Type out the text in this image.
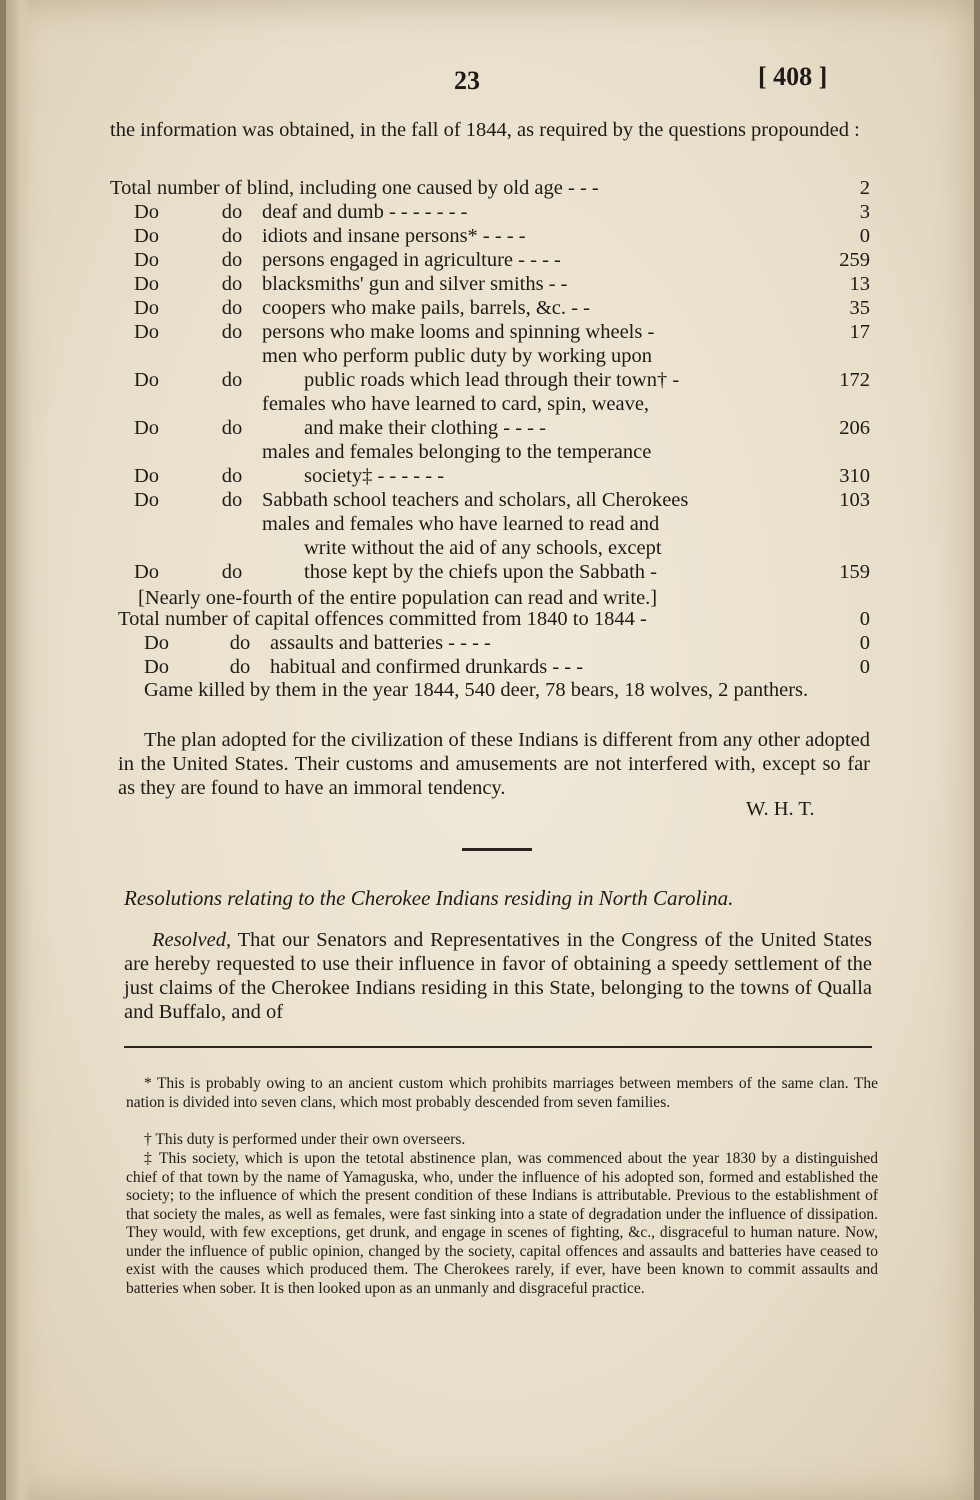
23	[ 408 ]
the information was obtained, in the fall of 1844, as required by the questions propounded :
Total number of blind, including one caused by old age - - -	2
Do	do deaf and dumb - - - - - - -	3
Do	do idiots and insane persons* - - - -	0
Do	do persons engaged in agriculture - - - -	259
Do	do blacksmiths' gun and silver smiths - -	13
Do	do coopers who make pails, barrels, &c. - -	35
Do	do persons who make looms and spinning wheels -	17
Do	do
men who perform public duty by working upon
public roads which lead through their town† -	172
Do	do
females who have learned to card, spin, weave,
and make their clothing - - - -	206
Do	do
males and females belonging to the temperance
society‡ - - - - - -	310
Do	do Sabbath school teachers and scholars, all Cherokees	103
Do	do
males and females who have learned to read and
write without the aid of any schools, except
those kept by the chiefs upon the Sabbath -	159
[Nearly one-fourth of the entire population can read and write.]
Total number of capital offences committed from 1840 to 1844 -	0
Do	do assaults and batteries - - - -	0
Do	do habitual and confirmed drunkards - - -	0
Game killed by them in the year 1844, 540 deer, 78 bears, 18 wolves, 2 panthers.
The plan adopted for the civilization of these Indians is different from any other adopted in the United States. Their customs and amusements are not interfered with, except so far as they are found to have an immoral tendency.
W. H. T.
Resolutions relating to the Cherokee Indians residing in North Carolina.
Resolved, That our Senators and Representatives in the Congress of the United States are hereby requested to use their influence in favor of obtaining a speedy settlement of the just claims of the Cherokee Indians residing in this State, belonging to the towns of Qualla and Buffalo, and of
* This is probably owing to an ancient custom which prohibits marriages between members of the same clan. The nation is divided into seven clans, which most probably descended from seven families.
† This duty is performed under their own overseers.
‡ This society, which is upon the tetotal abstinence plan, was commenced about the year 1830 by a distinguished chief of that town by the name of Yamaguska, who, under the influence of his adopted son, formed and established the society; to the influence of which the present condition of these Indians is attributable. Previous to the establishment of that society the males, as well as females, were fast sinking into a state of degradation under the influence of dissipation. They would, with few exceptions, get drunk, and engage in scenes of fighting, &c., disgraceful to human nature. Now, under the influence of public opinion, changed by the society, capital offences and assaults and batteries have ceased to exist with the causes which produced them. The Cherokees rarely, if ever, have been known to commit assaults and batteries when sober. It is then looked upon as an unmanly and disgraceful practice.
